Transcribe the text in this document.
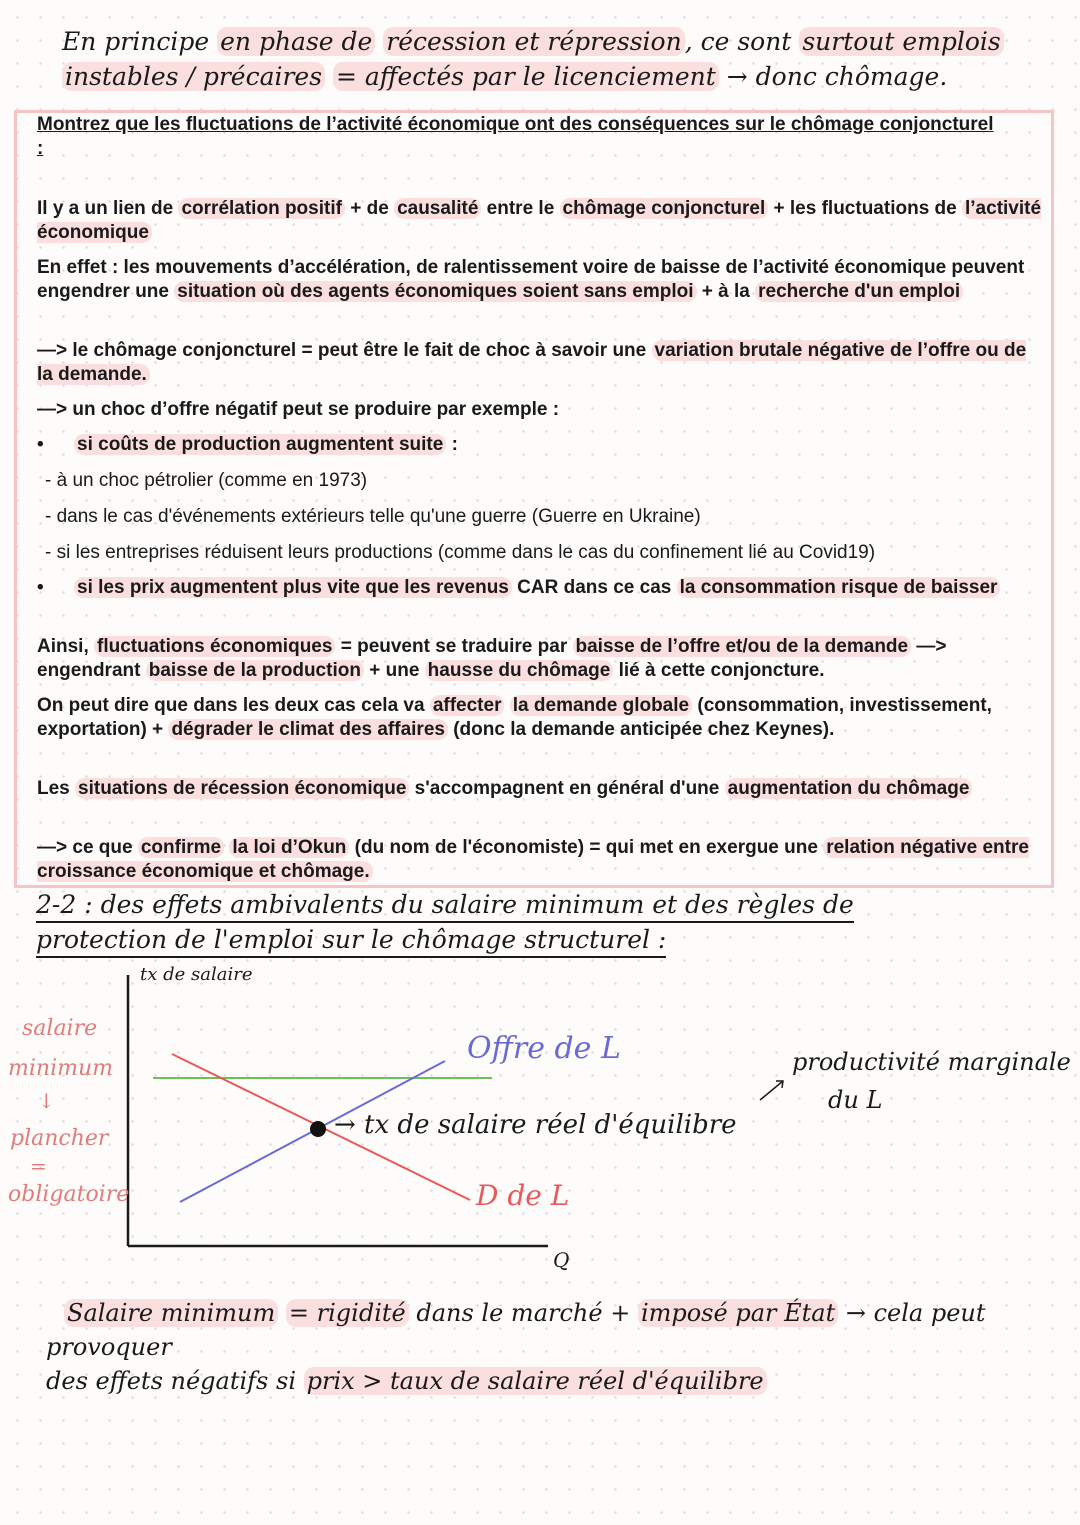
En principe en phase de récession et répression , ce sont surtout emplois
instables / précaires = affectés par le licenciement → donc chômage.
Montrez que les fluctuations de l’activité économique ont des conséquences sur le chômage conjoncturel :
Il y a un lien de corrélation positif + de causalité entre le chômage conjoncturel + les fluctuations de l’activité économique
En effet : les mouvements d’accélération, de ralentissement voire de baisse de l’activité économique peuvent engendrer une situation où des agents économiques soient sans emploi + à la recherche d'un emploi
—> le chômage conjoncturel = peut être le fait de choc à savoir une variation brutale négative de l’offre ou de la demande.
—> un choc d’offre négatif peut se produire par exemple :
• si coûts de production augmentent suite :
- à un choc pétrolier (comme en 1973)
- dans le cas d'événements extérieurs telle qu'une guerre (Guerre en Ukraine)
- si les entreprises réduisent leurs productions (comme dans le cas du confinement lié au Covid19)
• si les prix augmentent plus vite que les revenus CAR dans ce cas la consommation risque de baisser
Ainsi, fluctuations économiques = peuvent se traduire par baisse de l’offre et/ou de la demande —> engendrant baisse de la production + une hausse du chômage lié à cette conjoncture.
On peut dire que dans les deux cas cela va affecter la demande globale (consommation, investissement, exportation) + dégrader le climat des affaires (donc la demande anticipée chez Keynes).
Les situations de récession économique s'accompagnent en général d'une augmentation du chômage
—> ce que confirme la loi d’Okun (du nom de l'économiste) = qui met en exergue une relation négative entre croissance économique et chômage.
2-2 : des effets ambivalents du salaire minimum et des règles de
protection de l'emploi sur le chômage structurel :
tx de salaire
Q
salaire
minimum
↓
plancher
=
obligatoire
Offre de L
D de L
→ tx de salaire réel d'équilibre
productivité marginale
du L
Salaire minimum = rigidité dans le marché + imposé par État → cela peut provoquer
des effets négatifs si prix > taux de salaire réel d'équilibre
